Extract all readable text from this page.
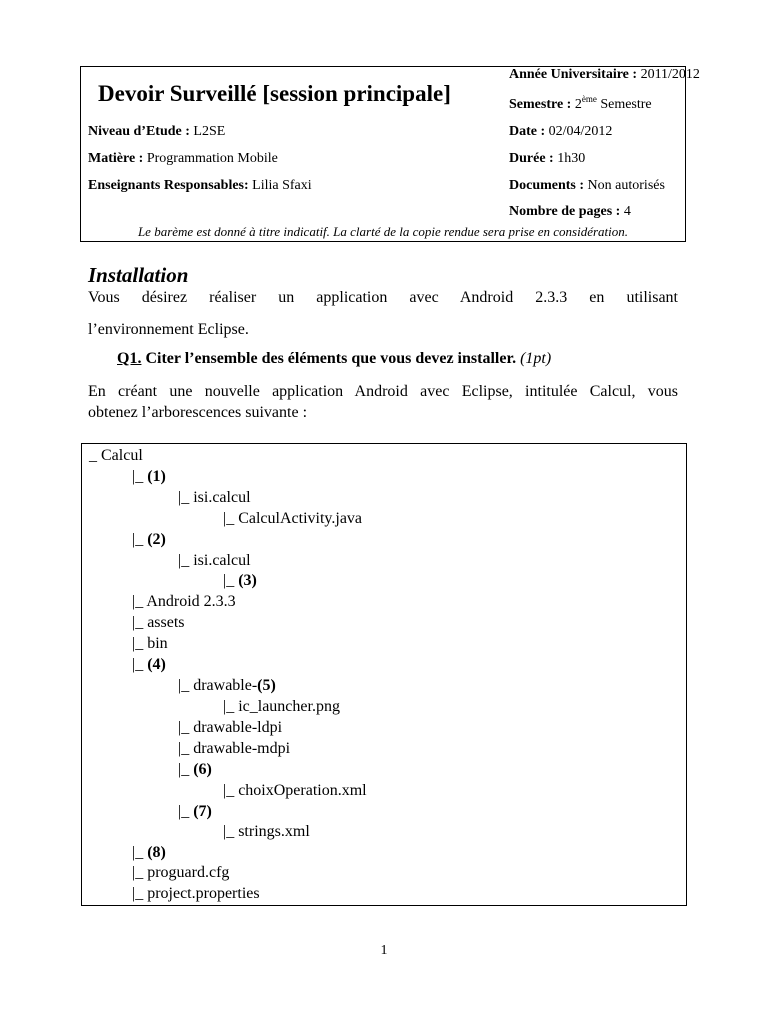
Devoir Surveillé [session principale]
Niveau d’Etude : L2SE
Matière : Programmation Mobile
Enseignants Responsables: Lilia Sfaxi
Année Universitaire : 2011/2012
Semestre : 2ème Semestre
Date : 02/04/2012
Durée : 1h30
Documents : Non autorisés
Nombre de pages : 4
Le barème est donné à titre indicatif. La clarté de la copie rendue sera prise en considération.
Installation
Vous désirez réaliser un application avec Android 2.3.3 en utilisant
l’environnement Eclipse.
Q1. Citer l’ensemble des éléments que vous devez installer. (1pt)
En créant une nouvelle application Android avec Eclipse, intitulée Calcul, vous
obtenez l’arborescences suivante :
_ Calcul
|_ (1)
|_ isi.calcul
|_ CalculActivity.java
|_ (2)
|_ isi.calcul
|_ (3)
|_ Android 2.3.3
|_ assets
|_ bin
|_ (4)
|_ drawable-(5)
|_ ic_launcher.png
|_ drawable-ldpi
|_ drawable-mdpi
|_ (6)
|_ choixOperation.xml
|_ (7)
|_ strings.xml
|_ (8)
|_ proguard.cfg
|_ project.properties
1
